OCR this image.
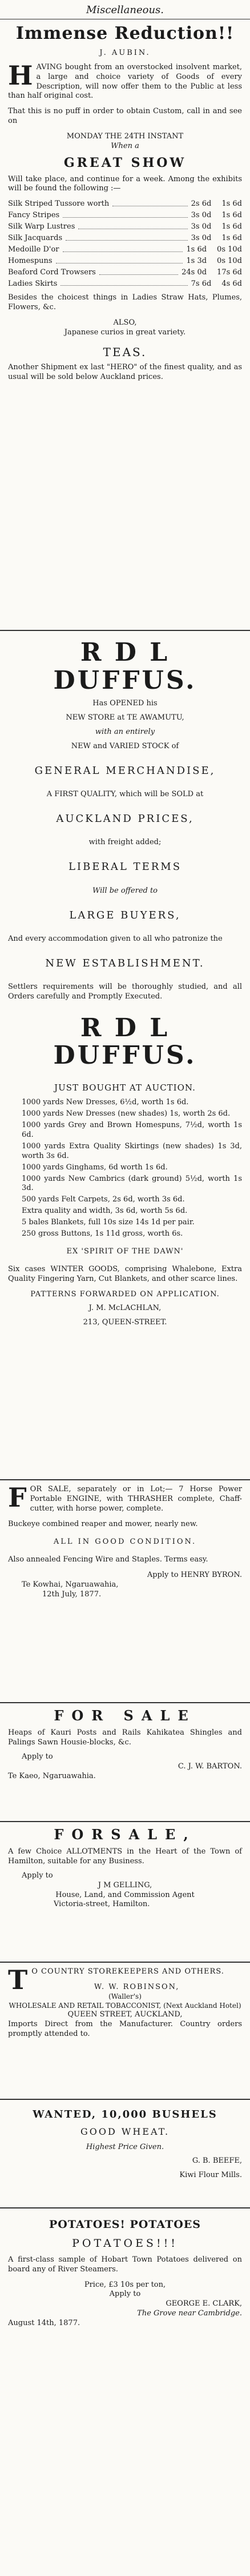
Miscellaneous.
Immense Reduction!!
J. AUBIN.

HAVING bought from an overstocked insolvent market, a large and choice variety of Goods of every Description, will now offer them to the Public at less than half original cost.

That this is no puff in order to obtain Custom, call in and see on

MONDAY THE 24TH INSTANT
When a
GREAT SHOW

Will take place, and continue for a week. Among the exhibits will be found the following :—

Silk Striped Tussore worth	2s 6d 1s 6d
Fancy Stripes	3s 0d 1s 6d
Silk Warp Lustres	3s 0d 1s 6d
Silk Jacquards	3s 0d 1s 6d
Medoille D'or	1s 6d 0s 10d
Homespuns	1s 3d 0s 10d
Beaford Cord Trowsers	24s 0d 17s 6d
Ladies Skirts	7s 6d 4s 6d

Besides the choicest things in Ladies Straw Hats, Plumes, Flowers, &c.

ALSO,
Japanese curios in great variety.
TEAS.

Another Shipment ex last "HERO" of the finest quality, and as usual will be sold below Auckland prices.

R D L DUFFUS.
Has OPENED his
NEW STORE at TE AWAMUTU,
with an entirely
NEW and VARIED STOCK of
GENERAL MERCHANDISE,
A FIRST QUALITY, which will be SOLD at
AUCKLAND PRICES,
with freight added;
LIBERAL TERMS
Will be offered to
LARGE BUYERS,

And every accommodation given to all who patronize the

NEW ESTABLISHMENT.

Settlers requirements will be thoroughly studied, and all Orders carefully and Promptly Executed.

R D L DUFFUS.
JUST BOUGHT AT AUCTION.
1000 yards New Dresses, 6½d, worth 1s 6d.
1000 yards New Dresses (new shades) 1s, worth 2s 6d.
1000 yards Grey and Brown Homespuns, 7½d, worth 1s 6d.
1000 yards Extra Quality Skirtings (new shades) 1s 3d, worth 3s 6d.
1000 yards Ginghams, 6d worth 1s 6d.
1000 yards New Cambrics (dark ground) 5½d, worth 1s 3d.
500 yards Felt Carpets, 2s 6d, worth 3s 6d.
Extra quality and width, 3s 6d, worth 5s 6d.
5 bales Blankets, full 10s size 14s 1d per pair.
250 gross Buttons, 1s 11d gross, worth 6s.
EX 'SPIRIT OF THE DAWN'

Six cases WINTER GOODS, comprising Whalebone, Extra Quality Fingering Yarn, Cut Blankets, and other scarce lines.

PATTERNS FORWARDED ON APPLICATION.
J. M. McLACHLAN,
213, QUEEN-STREET.

FOR SALE, separately or in Lot;— 7 Horse Power Portable ENGINE, with THRASHER complete, Chaff-cutter, with horse power, complete.

Buckeye combined reaper and mower, nearly new.

ALL IN GOOD CONDITION.

Also annealed Fencing Wire and Staples. Terms easy.

Apply to HENRY BYRON.
Te Kowhai, Ngaruawahia,
12th July, 1877.
FOR SALE

Heaps of Kauri Posts and Rails Kahikatea Shingles and Palings Sawn Housie-blocks, &c.

Apply to
C. J. W. BARTON.
Te Kaeo, Ngaruawahia.
FORSALE,

A few Choice ALLOTMENTS in the Heart of the Town of Hamilton, suitable for any Business.

Apply to
J M GELLING,
House, Land, and Commission Agent
Victoria-street, Hamilton.

TO COUNTRY STOREKEEPERS AND OTHERS.

W. W. ROBINSON,
(Waller's)
WHOLESALE AND RETAIL TOBACCONIST, (Next Auckland Hotel)
QUEEN STREET, AUCKLAND,

Imports Direct from the Manufacturer. Country orders promptly attended to.

WANTED, 10,000 BUSHELS
GOOD WHEAT.
Highest Price Given.
G. B. BEEFE,
Kiwi Flour Mills.
POTATOES! POTATOES
POTATOES!!!

A first-class sample of Hobart Town Potatoes delivered on board any of River Steamers.

Price, £3 10s per ton,
Apply to
GEORGE E. CLARK,
The Grove near Cambridge.
August 14th, 1877.
